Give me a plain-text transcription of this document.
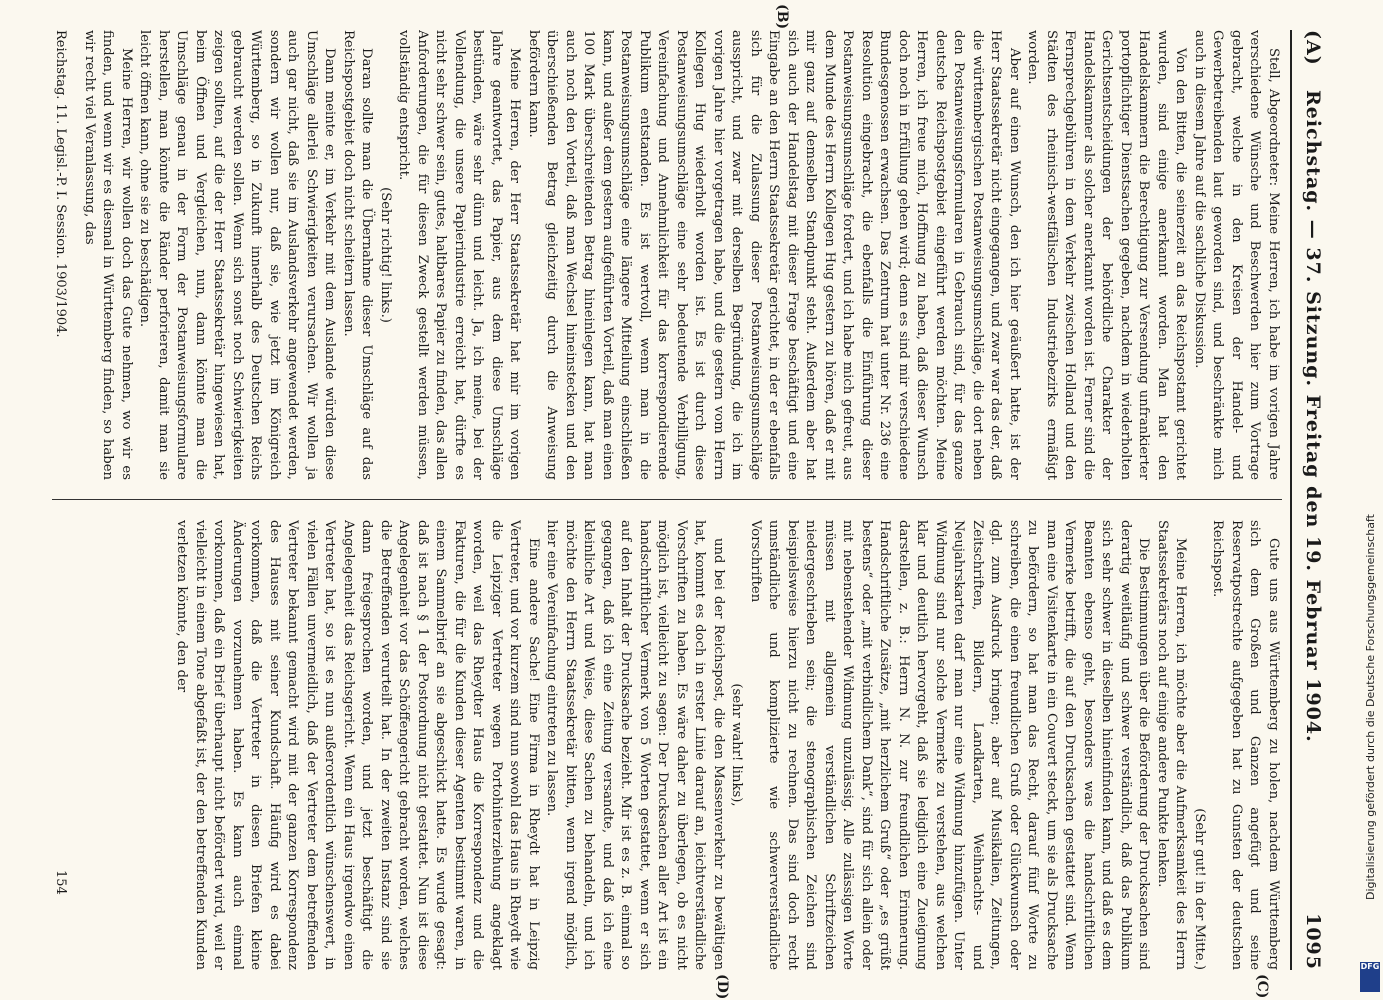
(A)
Reichstag. — 37. Sitzung. Freitag den 19. Februar 1904.
1095

Stell, Abgeordneter: Meine Herren, ich habe im vorigen Jahre verschiedene Wünsche und Beschwerden hier zum Vortrage gebracht, welche in den Kreisen der Handel- und Gewerbetreibenden laut geworden sind, und beschränkte mich auch in diesem Jahre auf die sachliche Diskussion.

Von den Bitten, die seinerzeit an das Reichspostamt gerichtet wurden, sind einige anerkannt worden. Man hat den Handelskammern die Berechtigung zur Versendung unfrankierter portopflichtiger Dienstsachen gegeben, nachdem in wiederholten Gerichtsentscheidungen der behördliche Charakter der Handelskammer als solcher anerkannt worden ist. Ferner sind die Fernsprechgebühren in dem Verkehr zwischen Holland und den Städten des rheinisch-westfälischen Industriebezirks ermäßigt worden.

Aber auf einen Wunsch, den ich hier geäußert hatte, ist der Herr Staatssekretär nicht eingegangen, und zwar war das der, daß die württembergischen Postanweisungsumschläge, die dort neben den Postanweisungsformularen in Gebrauch sind, für das ganze deutsche Reichspostgebiet eingeführt werden möchten. Meine Herren, ich freue mich, Hoffnung zu haben, daß dieser Wunsch doch noch in Erfüllung gehen wird; denn es sind mir verschiedene Bundesgenossen erwachsen. Das Zentrum hat unter Nr. 236 eine Resolution eingebracht, die ebenfalls die Einführung dieser Postanweisungsumschläge fordert, und ich habe mich gefreut, aus dem Munde des Herrn Kollegen Hug gestern zu hören, daß er mit mir ganz auf demselben Standpunkt steht. Außerdem aber hat sich auch der Handelstag mit dieser Frage beschäftigt und eine Eingabe an den Herrn Staatssekretär gerichtet, in der er ebenfalls sich für die Zulassung dieser Postanweisungsumschläge ausspricht, und zwar mit derselben Begründung, die ich im vorigen Jahre hier vorgetragen habe, und die gestern vom Herrn Kollegen Hug wiederholt worden ist. Es ist durch diese Postanweisungsumschläge eine sehr bedeutende Verbilligung, Vereinfachung und Annehmlichkeit für das korrespondierende Publikum entstanden. Es ist wertvoll, wenn man in die Postanweisungsumschläge eine längere Mitteilung einschließen kann, und außer dem gestern aufgeführten Vorteil, daß man einen 100 Mark überschreitenden Betrag hineinlegen kann, hat man auch noch den Vorteil, daß man Wechsel hineinstecken und den überschießenden Betrag gleichzeitig durch die Anweisung befördern kann.

Meine Herren, der Herr Staatssekretär hat mir im vorigen Jahre geantwortet, das Papier, aus dem diese Umschläge bestünden, wäre sehr dünn und leicht. Ja, ich meine, bei der Vollendung, die unsere Papierindustrie erreicht hat, dürfte es nicht sehr schwer sein, gutes, haltbares Papier zu finden, das allen Anforderungen, die für diesen Zweck gestellt werden müssen, vollständig entspricht.

(Sehr richtig! links.)

Daran sollte man die Übernahme dieser Umschläge auf das Reichspostgebiet doch nicht scheitern lassen.

Dann meinte er, im Verkehr mit dem Auslande würden diese Umschläge allerlei Schwierigkeiten verursachen. Wir wollen ja auch gar nicht, daß sie im Auslandsverkehr angewendet werden, sondern wir wollen nur, daß sie, wie jetzt im Königreich Württemberg, so in Zukunft innerhalb des Deutschen Reichs gebraucht werden sollen. Wenn sich sonst noch Schwierigkeiten zeigen sollten, auf die der Herr Staatssekretär hingewiesen hat, beim Öffnen und Vergleichen, nun, dann könnte man die Umschläge genau in der Form der Postanweisungsformulare herstellen, man könnte die Ränder perforieren, damit man sie leicht öffnen kann, ohne sie zu beschädigen.

Meine Herren, wir wollen doch das Gute nehmen, wo wir es finden, und wenn wir es diesmal in Württemberg finden, so haben wir recht viel Veranlassung, das

Gute uns aus Württemberg zu holen, nachdem Württemberg sich dem Großen und Ganzen angefügt und seine Reservatpostrechte aufgegeben hat zu Gunsten der deutschen Reichspost.

(Sehr gut! in der Mitte.)

Meine Herren, ich möchte aber die Aufmerksamkeit des Herrn Staatssekretärs noch auf einige andere Punkte lenken.

Die Bestimmungen über die Beförderung der Drucksachen sind derartig weitläufig und schwer verständlich, daß das Publikum sich sehr schwer in dieselben hineinfinden kann, und daß es dem Beamten ebenso geht, besonders was die handschriftlichen Vermerke betrifft, die auf den Drucksachen gestattet sind. Wenn man eine Visitenkarte in ein Couvert steckt, um sie als Drucksache zu befördern, so hat man das Recht, darauf fünf Worte zu schreiben, die einen freundlichen Gruß oder Glückwunsch oder dgl. zum Ausdruck bringen; aber auf Musikalien, Zeitungen, Zeitschriften, Bildern, Landkarten, Weihnachts- und Neujahrskarten darf man nur eine Widmung hinzufügen. Unter Widmung sind nur solche Vermerke zu verstehen, aus welchen klar und deutlich hervorgeht, daß sie lediglich eine Zueignung darstellen, z. B.: Herrn N. N. zur freundlichen Erinnerung. Handschriftliche Zusätze, „mit herzlichem Gruß“ oder „es grüßt bestens“ oder „mit verbindlichem Dank“, sind für sich allein oder mit nebenstehender Widmung unzulässig. Alle zulässigen Worte müssen mit allgemein verständlichen Schriftzeichen niedergeschrieben sein; die stenographischen Zeichen sind beispielsweise hierzu nicht zu rechnen. Das sind doch recht umständliche und komplizierte wie schwerverständliche Vorschriften

(sehr wahr! links),

und bei der Reichspost, die den Massenverkehr zu bewältigen hat, kommt es doch in erster Linie darauf an, leichtverständliche Vorschriften zu haben. Es wäre daher zu überlegen, ob es nicht möglich ist, vielleicht zu sagen: Der Drucksachen aller Art ist ein handschriftlicher Vermerk von 5 Worten gestattet, wenn er sich auf den Inhalt der Drucksache bezieht. Mir ist es z. B. einmal so gegangen, daß ich eine Zeitung versandte, und daß ich eine kleinliche Art und Weise, diese Sachen zu behandeln, und ich möchte den Herrn Staatssekretär bitten, wenn irgend möglich, hier eine Vereinfachung eintreten zu lassen.

Eine andere Sache! Eine Firma in Rheydt hat in Leipzig Vertreter, und vor kurzem sind nun sowohl das Haus in Rheydt wie die Leipziger Vertreter wegen Portohinterziehung angeklagt worden, weil das Rheydter Haus die Korrespondenz und die Fakturen, die für die Kunden dieser Agenten bestimmt waren, in einem Sammelbrief an sie abgeschickt hatte. Es wurde gesagt: daß ist nach § 1 der Postordnung nicht gestattet. Nun ist diese Angelegenheit vor das Schöffengericht gebracht worden, welches die Betreffenden verurteilt hat. In der zweiten Instanz sind sie dann freigesprochen worden, und jetzt beschäftigt die Angelegenheit das Reichsgericht. Wenn ein Haus irgendwo einen Vertreter hat, so ist es nun außerordentlich wünschenswert, in vielen Fällen unvermeidlich, daß der Vertreter dem betreffenden Vertreter bekannt gemacht wird mit der ganzen Korrespondenz des Hauses mit seiner Kundschaft. Häufig wird es dabei vorkommen, daß die Vertreter in diesen Briefen kleine Änderungen vorzunehmen haben. Es kann auch einmal vorkommen, daß ein Brief überhaupt nicht befördert wird, weil er vielleicht in einem Tone abgefaßt ist, der den betreffenden Kunden verletzen könnte, den der

(B)
(C)
(D)
Reichstag. 11. Legisl.-P. I. Session. 1903/1904.
154	Digitalisierung gefördert durch die Deutsche Forschungsgemeinschaft
DFG
